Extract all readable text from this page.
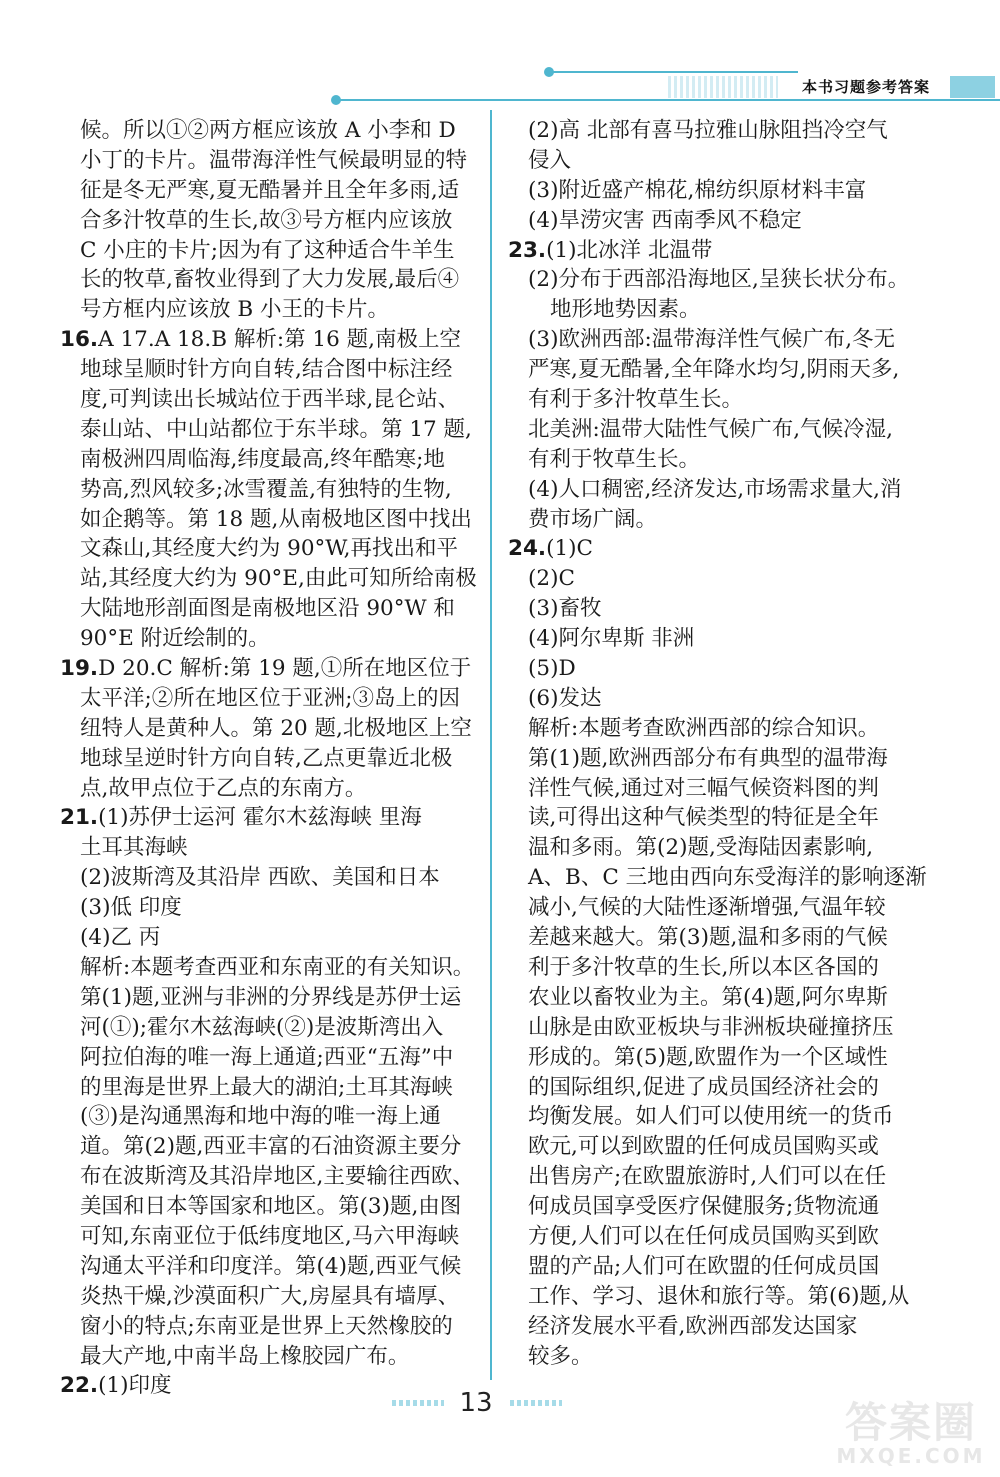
本书习题参考答案
候。所以①②两方框应该放 A 小李和 D
小丁的卡片。温带海洋性气候最明显的特
征是冬无严寒,夏无酷暑并且全年多雨,适
合多汁牧草的生长,故③号方框内应该放
C 小庄的卡片;因为有了这种适合牛羊生
长的牧草,畜牧业得到了大力发展,最后④
号方框内应该放 B 小王的卡片。
16.A 17.A 18.B 解析:第 16 题,南极上空
地球呈顺时针方向自转,结合图中标注经
度,可判读出长城站位于西半球,昆仑站、
泰山站、中山站都位于东半球。第 17 题,
南极洲四周临海,纬度最高,终年酷寒;地
势高,烈风较多;冰雪覆盖,有独特的生物,
如企鹅等。第 18 题,从南极地区图中找出
文森山,其经度大约为 90°W,再找出和平
站,其经度大约为 90°E,由此可知所给南极
大陆地形剖面图是南极地区沿 90°W 和
90°E 附近绘制的。
19.D 20.C 解析:第 19 题,①所在地区位于
太平洋;②所在地区位于亚洲;③岛上的因
纽特人是黄种人。第 20 题,北极地区上空
地球呈逆时针方向自转,乙点更靠近北极
点,故甲点位于乙点的东南方。
21.(1)苏伊士运河 霍尔木兹海峡 里海
土耳其海峡
(2)波斯湾及其沿岸 西欧、美国和日本
(3)低 印度
(4)乙 丙
解析:本题考查西亚和东南亚的有关知识。
第(1)题,亚洲与非洲的分界线是苏伊士运
河(①);霍尔木兹海峡(②)是波斯湾出入
阿拉伯海的唯一海上通道;西亚“五海”中
的里海是世界上最大的湖泊;土耳其海峡
(③)是沟通黑海和地中海的唯一海上通
道。第(2)题,西亚丰富的石油资源主要分
布在波斯湾及其沿岸地区,主要输往西欧、
美国和日本等国家和地区。第(3)题,由图
可知,东南亚位于低纬度地区,马六甲海峡
沟通太平洋和印度洋。第(4)题,西亚气候
炎热干燥,沙漠面积广大,房屋具有墙厚、
窗小的特点;东南亚是世界上天然橡胶的
最大产地,中南半岛上橡胶园广布。
22.(1)印度
(2)高 北部有喜马拉雅山脉阻挡冷空气
侵入
(3)附近盛产棉花,棉纺织原材料丰富
(4)旱涝灾害 西南季风不稳定
23.(1)北冰洋 北温带
(2)分布于西部沿海地区,呈狭长状分布。
地形地势因素。
(3)欧洲西部:温带海洋性气候广布,冬无
严寒,夏无酷暑,全年降水均匀,阴雨天多,
有利于多汁牧草生长。
北美洲:温带大陆性气候广布,气候冷湿,
有利于牧草生长。
(4)人口稠密,经济发达,市场需求量大,消
费市场广阔。
24.(1)C
(2)C
(3)畜牧
(4)阿尔卑斯 非洲
(5)D
(6)发达
解析:本题考查欧洲西部的综合知识。
第(1)题,欧洲西部分布有典型的温带海
洋性气候,通过对三幅气候资料图的判
读,可得出这种气候类型的特征是全年
温和多雨。第(2)题,受海陆因素影响,
A、B、C 三地由西向东受海洋的影响逐渐
减小,气候的大陆性逐渐增强,气温年较
差越来越大。第(3)题,温和多雨的气候
利于多汁牧草的生长,所以本区各国的
农业以畜牧业为主。第(4)题,阿尔卑斯
山脉是由欧亚板块与非洲板块碰撞挤压
形成的。第(5)题,欧盟作为一个区域性
的国际组织,促进了成员国经济社会的
均衡发展。如人们可以使用统一的货币
欧元,可以到欧盟的任何成员国购买或
出售房产;在欧盟旅游时,人们可以在任
何成员国享受医疗保健服务;货物流通
方便,人们可以在任何成员国购买到欧
盟的产品;人们可在欧盟的任何成员国
工作、学习、退休和旅行等。第(6)题,从
经济发展水平看,欧洲西部发达国家
较多。
13	答案圈
MXQE.COM
